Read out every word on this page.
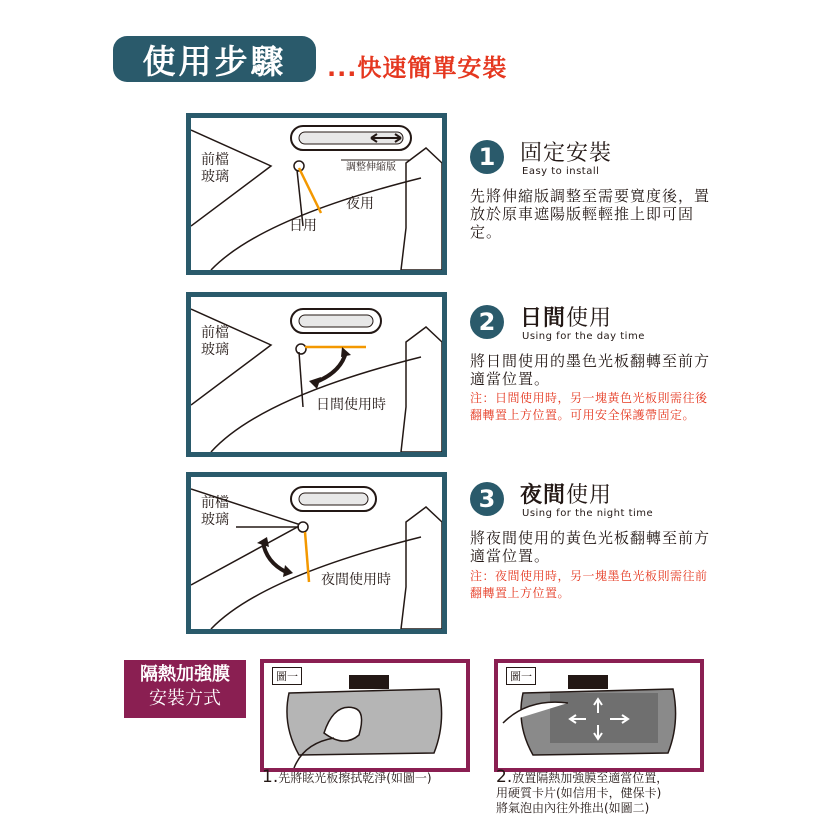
使用步驟	...快速簡單安裝
前檔
玻璃
調整伸縮版
夜用
日用
1	固定安裝
Easy to install
先將伸縮版調整至需要寬度後，置放於原車遮陽版輕輕推上即可固定。
前檔
玻璃
日間使用時
2	日間使用
Using for the day time
將日間使用的墨色光板翻轉至前方適當位置。
注：日間使用時，另一塊黃色光板則需往後翻轉置上方位置。可用安全保護帶固定。
前檔
玻璃
夜間使用時
3	夜間使用
Using for the night time
將夜間使用的黃色光板翻轉至前方適當位置。
注：夜間使用時，另一塊墨色光板則需往前翻轉置上方位置。
隔熱加強膜
安裝方式
圖一
1.先將眩光板擦拭乾淨(如圖一)
圖一
2.放置隔熱加強膜至適當位置，
用硬質卡片(如信用卡，健保卡)
將氣泡由內往外推出(如圖二)
